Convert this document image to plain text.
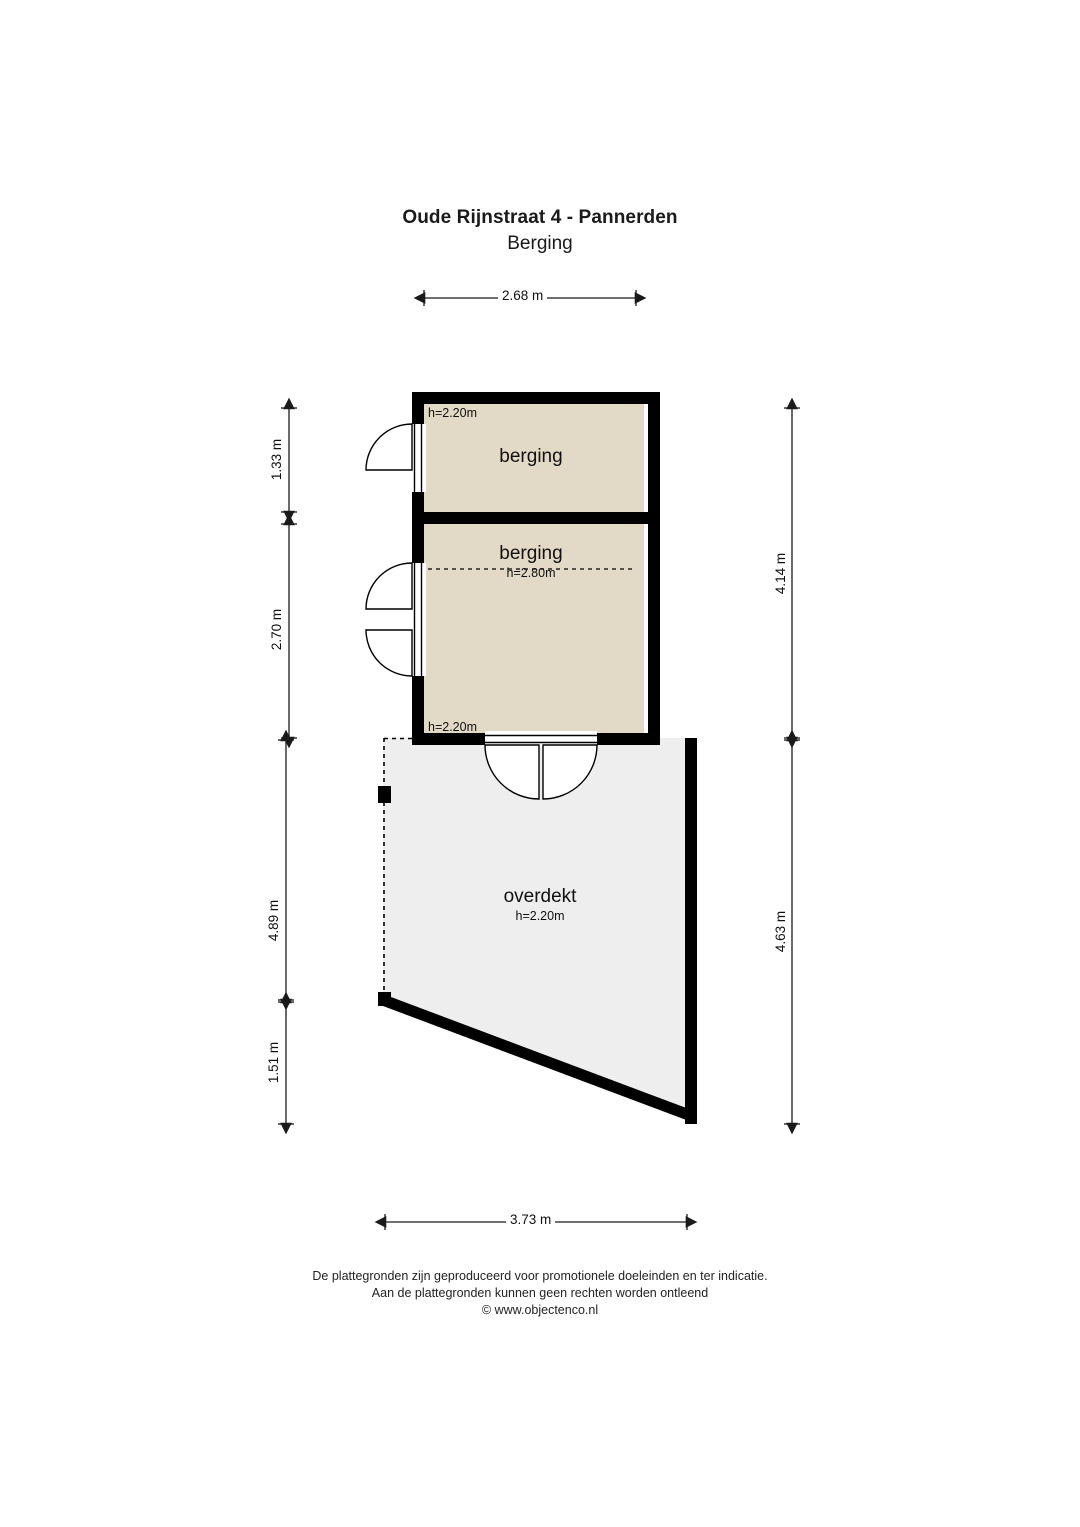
Oude Rijnstraat 4 - Pannerden
Berging
berging
berging
h=2.80m
overdekt
h=2.20m
h=2.20m
h=2.20m
2.68 m
3.73 m
1.33 m
2.70 m
4.89 m
1.51 m
4.14 m
4.63 m
De plattegronden zijn geproduceerd voor promotionele doeleinden en ter indicatie.
Aan de plattegronden kunnen geen rechten worden ontleend
© www.objectenco.nl
